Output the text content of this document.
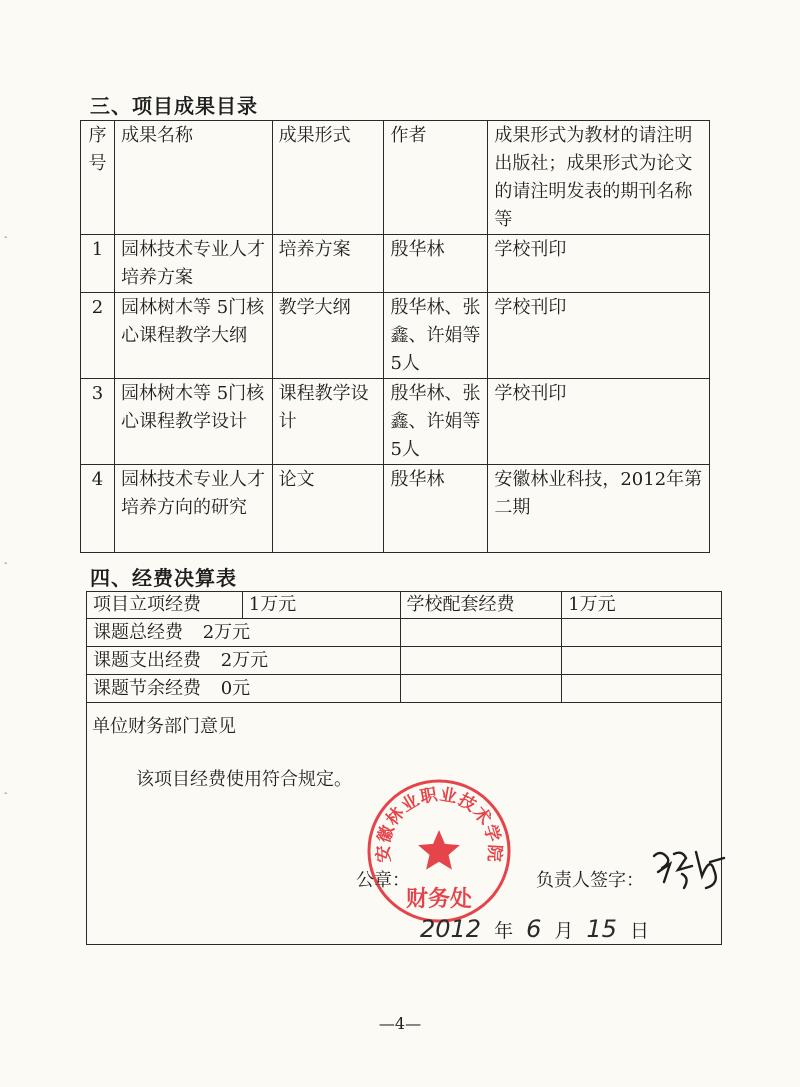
-
-
-
三、项目成果目录
序号	成果名称	成果形式	作者	成果形式为教材的请注明出版社；成果形式为论文的请注明发表的期刊名称等
1	园林技术专业人才培养方案	培养方案	殷华林	学校刊印
2	园林树木等 5门核心课程教学大纲	教学大纲	殷华林、张鑫、许娟等5人	学校刊印
3	园林树木等 5门核心课程教学设计	课程教学设计	殷华林、张鑫、许娟等5人	学校刊印
4	园林技术专业人才培养方向的研究	论文	殷华林	安徽林业科技，2012年第二期
四、经费决算表
项目立项经费	1万元	学校配套经费	1万元
课题总经费 2万元			
课题支出经费 2万元			
课题节余经费 0元			

单位财务部门意见
该项目经费使用符合规定。
安徽林业职业技术学院
财务处
公章：	负责人签字：
2012 年 6 月 15 日
—4—
